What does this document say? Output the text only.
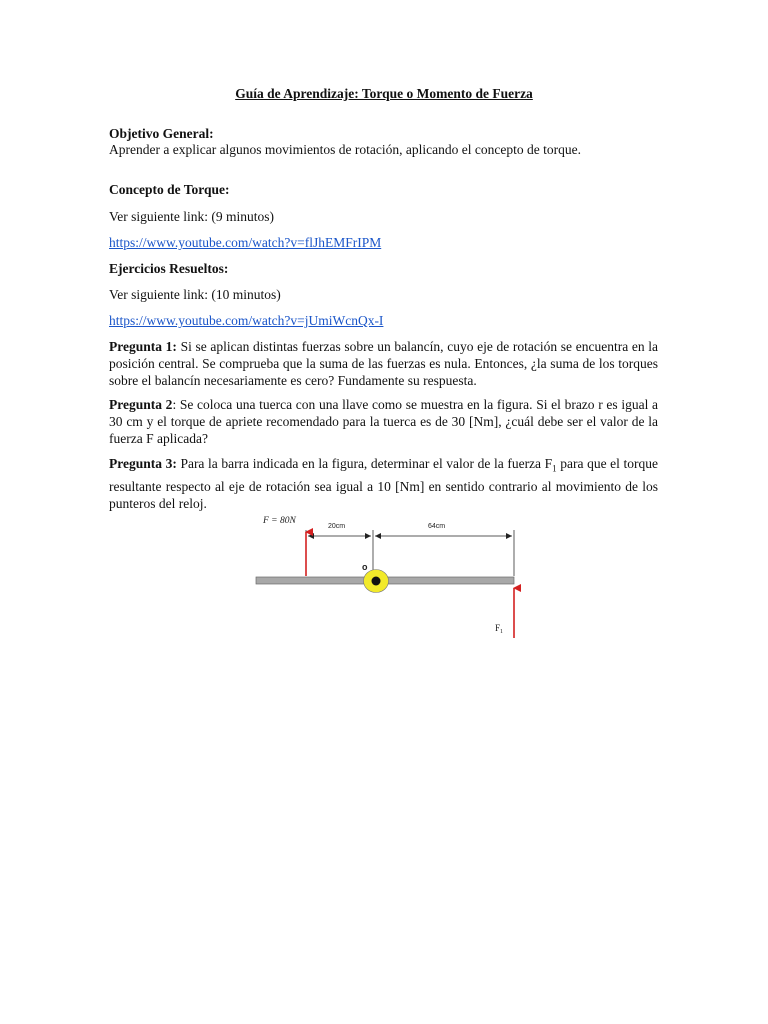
Guía de Aprendizaje: Torque o Momento de Fuerza
Objetivo General:
Aprender a explicar algunos movimientos de rotación, aplicando el concepto de torque.
Concepto de Torque:
Ver siguiente link: (9 minutos)
https://www.youtube.com/watch?v=flJhEMFrIPM
Ejercicios Resueltos:
Ver siguiente link: (10 minutos)
https://www.youtube.com/watch?v=jUmiWcnQx-I
Pregunta 1: Si se aplican distintas fuerzas sobre un balancín, cuyo eje de rotación se encuentra en la posición central. Se comprueba que la suma de las fuerzas es nula. Entonces, ¿la suma de los torques sobre el balancín necesariamente es cero? Fundamente su respuesta.
Pregunta 2: Se coloca una tuerca con una llave como se muestra en la figura. Si el brazo r es igual a 30 cm y el torque de apriete recomendado para la tuerca es de 30 [Nm], ¿cuál debe ser el valor de la fuerza F aplicada?
Pregunta 3: Para la barra indicada en la figura, determinar el valor de la fuerza $F_1$ para que el torque resultante respecto al eje de rotación sea igual a 10 [Nm] en sentido contrario al movimiento de los punteros del reloj.
F = 80N
20cm	64cm
o
$F_1$
